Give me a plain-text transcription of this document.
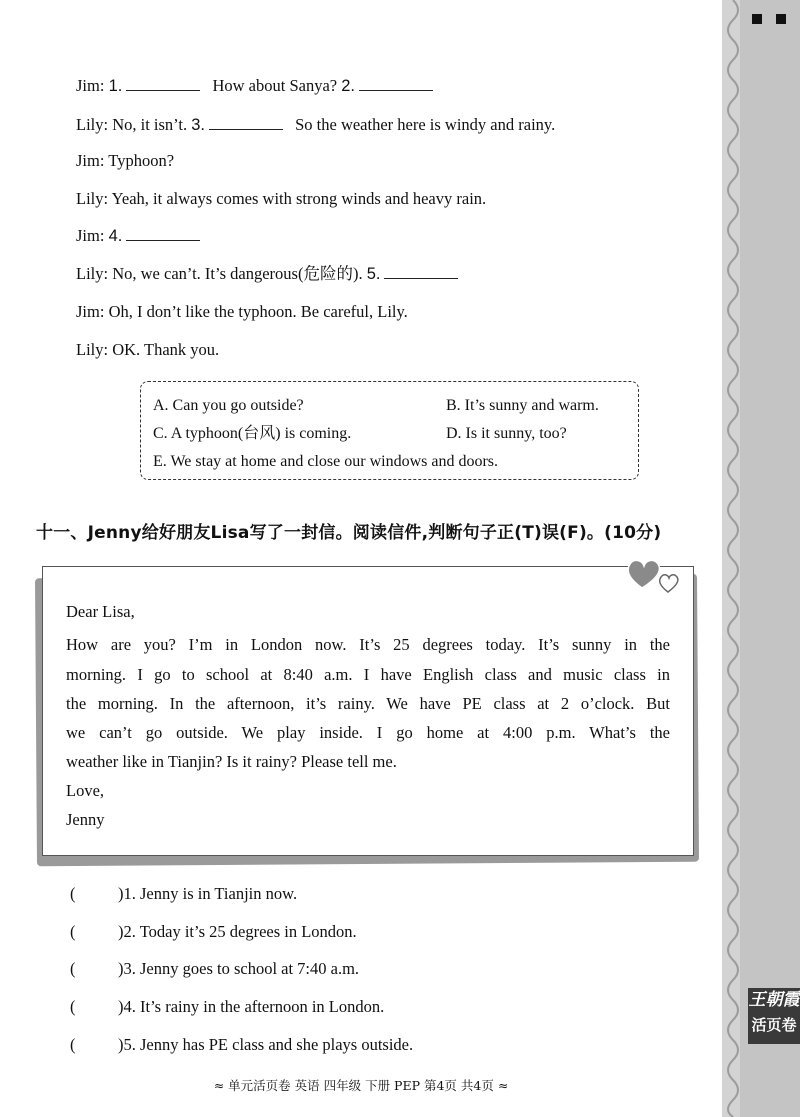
王朝霞
活页卷
Jim: 1.	How about Sanya? 2.
Lily: No, it isn’t. 3.	So the weather here is windy and rainy.
Jim: Typhoon?
Lily: Yeah, it always comes with strong winds and heavy rain.
Jim: 4.
Lily: No, we can’t. It’s dangerous(危险的). 5.
Jim: Oh, I don’t like the typhoon. Be careful, Lily.
Lily: OK. Thank you.
A. Can you go outside?	B. It’s sunny and warm.
C. A typhoon(台风) is coming.	D. Is it sunny, too?
E. We stay at home and close our windows and doors.
十一、Jenny给好朋友Lisa写了一封信。阅读信件,判断句子正(T)误(F)。(10分)
Dear Lisa,
How are you? I’m in London now. It’s 25 degrees today. It’s sunny in the
morning. I go to school at 8:40 a.m. I have English class and music class in
the morning. In the afternoon, it’s rainy. We have PE class at 2 o’clock. But
we can’t go outside. We play inside. I go home at 4:00 p.m. What’s the
weather like in Tianjin? Is it rainy? Please tell me.
Love,
Jenny
(	)1. Jenny is in Tianjin now.
(	)2. Today it’s 25 degrees in London.
(	)3. Jenny goes to school at 7:40 a.m.
(	)4. It’s rainy in the afternoon in London.
(	)5. Jenny has PE class and she plays outside.
≈ 单元活页卷 英语 四年级 下册 PEP 第4页 共4页 ≈
